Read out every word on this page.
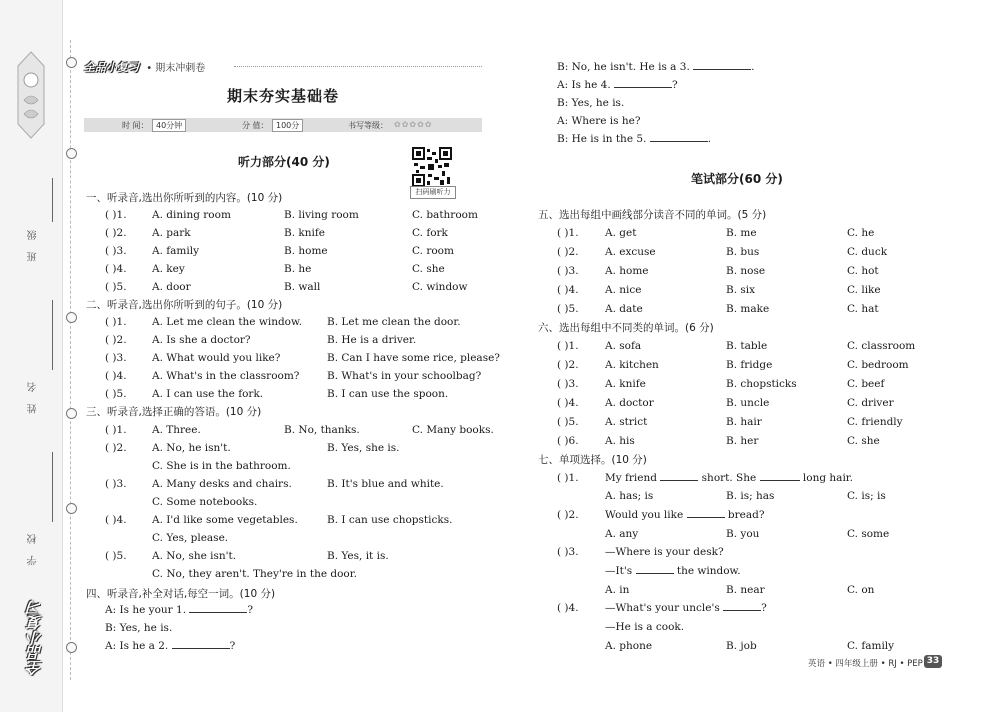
班 级
姓 名
学 校
全品小复习
全品小复习 • 期末冲刺卷
期末夯实基础卷
时 间： 40分钟	分 值： 100分	书写等级： ✿✿✿✿✿
扫码刷听力
听力部分(40 分)
一、听录音,选出你所听到的内容。(10 分)
( )1. A. dining room	B. living room	C. bathroom
( )2. A. park	B. knife	C. fork
( )3. A. family	B. home	C. room
( )4. A. key	B. he	C. she
( )5. A. door	B. wall	C. window
二、听录音,选出你所听到的句子。(10 分)
( )1. A. Let me clean the window. B. Let me clean the door.
( )2. A. Is she a doctor?	B. He is a driver.
( )3. A. What would you like?	B. Can I have some rice, please?
( )4. A. What's in the classroom?	B. What's in your schoolbag?
( )5. A. I can use the fork.	B. I can use the spoon.
三、听录音,选择正确的答语。(10 分)
( )1. A. Three.	B. No, thanks.	C. Many books.
( )2. A. No, he isn't.	B. Yes, she is.
C. She is in the bathroom.
( )3. A. Many desks and chairs.	B. It's blue and white.
C. Some notebooks.
( )4. A. I'd like some vegetables.	B. I can use chopsticks.
C. Yes, please.
( )5. A. No, she isn't.	B. Yes, it is.
C. No, they aren't. They're in the door.
四、听录音,补全对话,每空一词。(10 分)
A: Is he your 1.	?
B: Yes, he is.
A: Is he a 2.	?
B: No, he isn't. He is a 3.	.
A: Is he 4.	?
B: Yes, he is.
A: Where is he?
B: He is in the 5.	.
笔试部分(60 分)
五、选出每组中画线部分读音不同的单词。(5 分)
( )1.	A. get	B. me	C. he
( )2.	A. excuse	B. bus	C. duck
( )3.	A. home	B. nose	C. hot
( )4.	A. nice	B. six	C. like
( )5.	A. date	B. make	C. hat
六、选出每组中不同类的单词。(6 分)
( )1.	A. sofa	B. table	C. classroom
( )2.	A. kitchen	B. fridge	C. bedroom
( )3.	A. knife	B. chopsticks	C. beef
( )4.	A. doctor	B. uncle	C. driver
( )5.	A. strict	B. hair	C. friendly
( )6.	A. his	B. her	C. she
七、单项选择。(10 分)
( )1.	My friend	short. She	long hair.
A. has; is	B. is; has	C. is; is
( )2.	Would you like	bread?
A. any	B. you	C. some
( )3.	—Where is your desk?
—It's	the window.
A. in	B. near	C. on
( )4.	—What's your uncle's	?
—He is a cook.
A. phone	B. job	C. family
英语 • 四年级上册 • RJ • PEP 33
